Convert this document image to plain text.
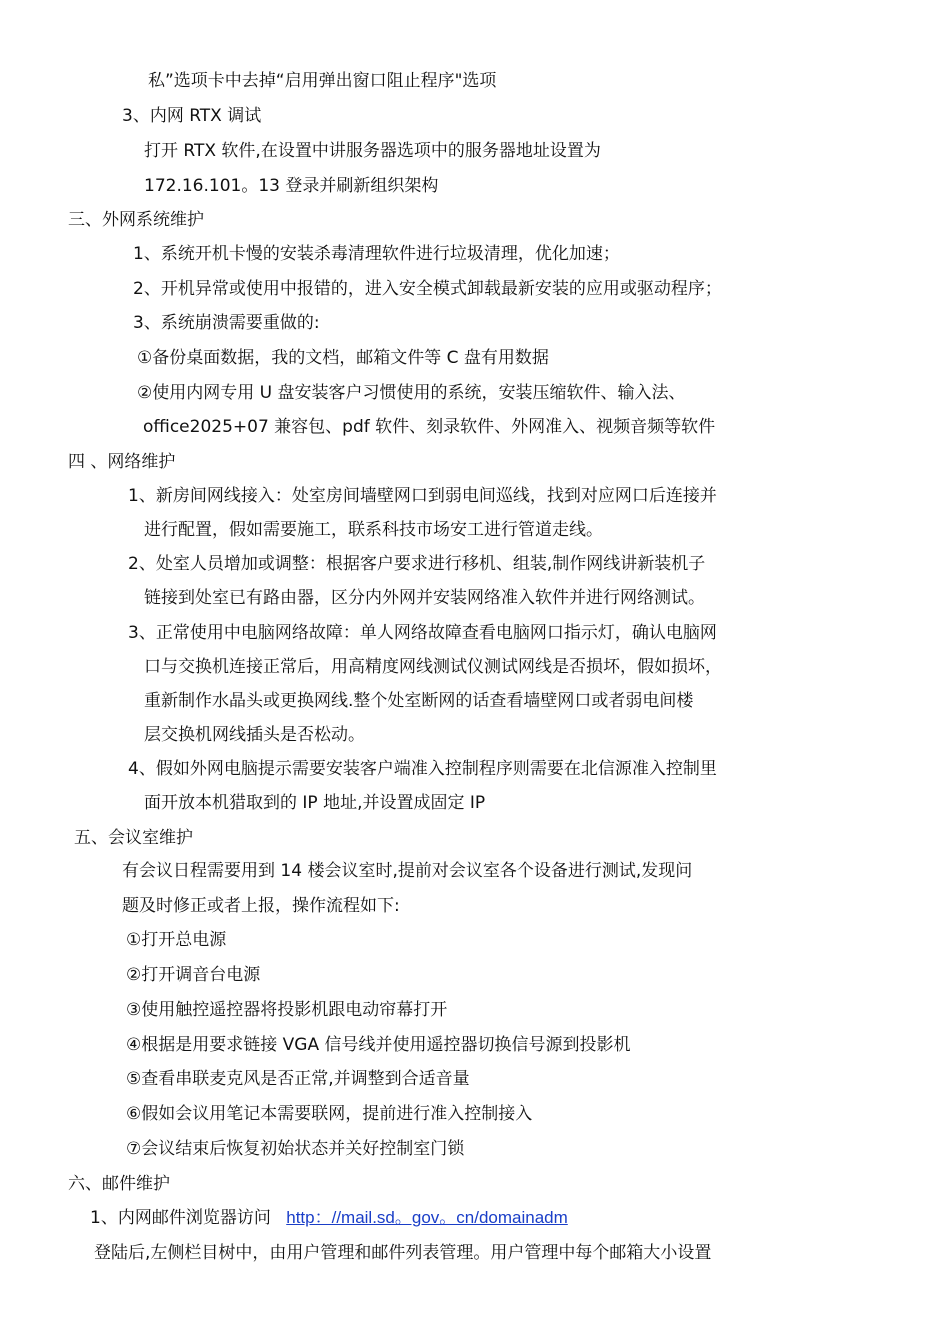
私”选项卡中去掉“启用弹出窗口阻止程序"选项
3、内网 RTX 调试
打开 RTX 软件,在设置中讲服务器选项中的服务器地址设置为
172.16.101。13 登录并刷新组织架构
三、外网系统维护
1、系统开机卡慢的安装杀毒清理软件进行垃圾清理，优化加速；
2、开机异常或使用中报错的，进入安全模式卸载最新安装的应用或驱动程序；
3、系统崩溃需要重做的:
①备份桌面数据，我的文档，邮箱文件等 C 盘有用数据
②使用内网专用 U 盘安装客户习惯使用的系统，安装压缩软件、输入法、
office2025+07 兼容包、pdf 软件、刻录软件、外网准入、视频音频等软件
四 、网络维护
1、新房间网线接入：处室房间墙壁网口到弱电间巡线，找到对应网口后连接并
进行配置，假如需要施工，联系科技市场安工进行管道走线。
2、处室人员增加或调整：根据客户要求进行移机、组装,制作网线讲新装机子
链接到处室已有路由器，区分内外网并安装网络准入软件并进行网络测试。
3、正常使用中电脑网络故障：单人网络故障查看电脑网口指示灯，确认电脑网
口与交换机连接正常后，用高精度网线测试仪测试网线是否损坏，假如损坏，
重新制作水晶头或更换网线.整个处室断网的话查看墙壁网口或者弱电间楼
层交换机网线插头是否松动。
4、假如外网电脑提示需要安装客户端准入控制程序则需要在北信源准入控制里
面开放本机猎取到的 IP 地址,并设置成固定 IP
五、会议室维护
有会议日程需要用到 14 楼会议室时,提前对会议室各个设备进行测试,发现问
题及时修正或者上报，操作流程如下:
①打开总电源
②打开调音台电源
③使用触控遥控器将投影机跟电动帘幕打开
④根据是用要求链接 VGA 信号线并使用遥控器切换信号源到投影机
⑤查看串联麦克风是否正常,并调整到合适音量
⑥假如会议用笔记本需要联网，提前进行准入控制接入
⑦会议结束后恢复初始状态并关好控制室门锁
六、邮件维护
1、内网邮件浏览器访问 http：//mail.sd。gov。cn/domainadm
登陆后,左侧栏目树中，由用户管理和邮件列表管理。用户管理中每个邮箱大小设置
